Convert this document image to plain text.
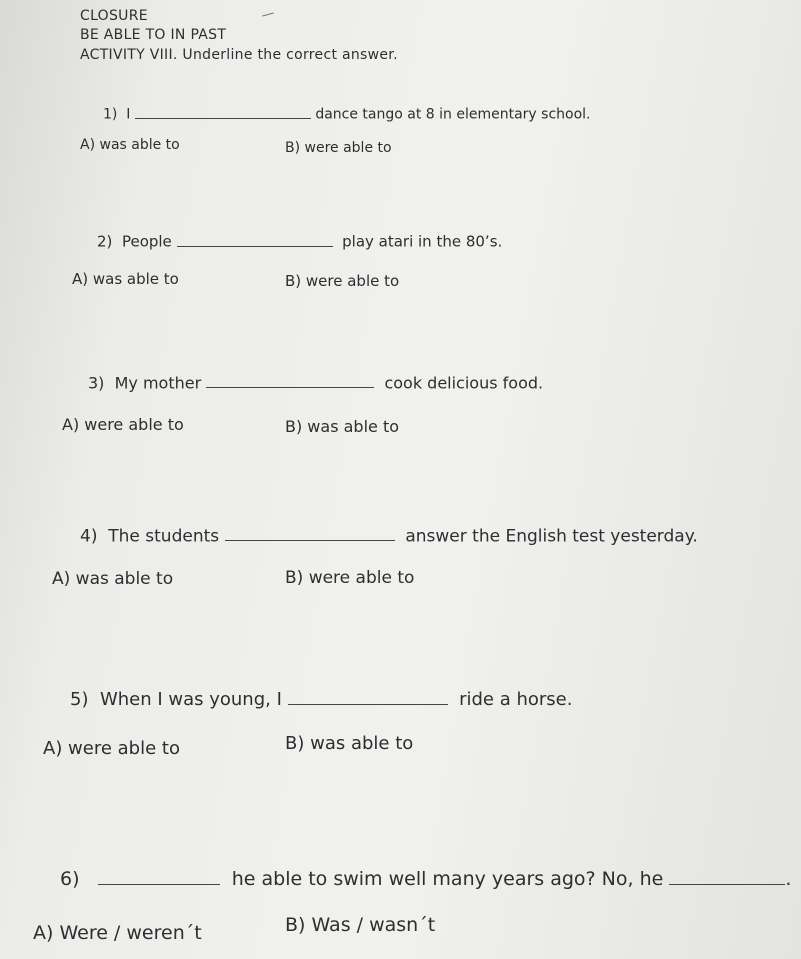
CLOSURE
BE ABLE TO IN PAST
ACTIVITY VIII. Underline the correct answer.
1) I	dance tango at 8 in elementary school.
A) was able to	B) were able to
2) People	play atari in the 80’s.
A) was able to	B) were able to
3) My mother	cook delicious food.
A) were able to	B) was able to
4) The students	answer the English test yesterday.
A) was able to	B) were able to
5) When I was young, I	ride a horse.
A) were able to	B) was able to
6)	he able to swim well many years ago? No, he	.
A) Were / weren´t	B) Was / wasn´t
